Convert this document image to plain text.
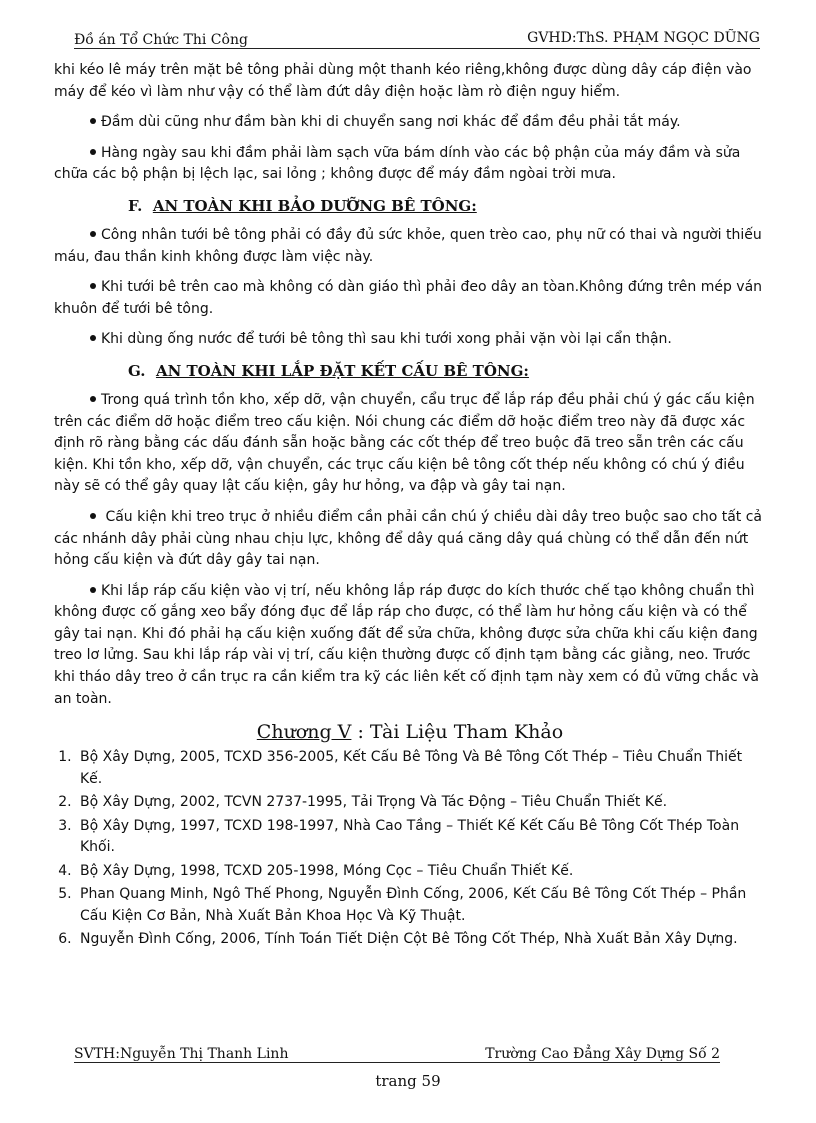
Đồ án Tổ Chức Thi Công	GVHD:ThS. PHẠM NGỌC DŨNG

khi kéo lê máy trên mặt bê tông phải dùng một thanh kéo riêng,không được dùng dây cáp điện vào máy để kéo vì làm như vậy có thể làm đứt dây điện hoặc làm rò điện nguy hiểm.

Đầm dùi cũng như đầm bàn khi di chuyển sang nơi khác để đầm đều phải tắt máy.

Hàng ngày sau khi đầm phải làm sạch vữa bám dính vào các bộ phận của máy đầm và sửa chữa các bộ phận bị lệch lạc, sai lỏng ; không được để máy đầm ngòai trời mưa.

F. AN TOÀN KHI BẢO DƯỠNG BÊ TÔNG:

Công nhân tưới bê tông phải có đầy đủ sức khỏe, quen trèo cao, phụ nữ có thai và người thiếu máu, đau thần kinh không được làm việc này.

Khi tưới bê trên cao mà không có dàn giáo thì phải đeo dây an tòan.Không đứng trên mép ván khuôn để tưới bê tông.

Khi dùng ống nước để tưới bê tông thì sau khi tưới xong phải vặn vòi lại cẩn thận.

G. AN TOÀN KHI LẮP ĐẶT KẾT CẤU BÊ TÔNG:

Trong quá trình tồn kho, xếp dỡ, vận chuyển, cẩu trục để lắp ráp đều phải chú ý gác cấu kiện trên các điểm dỡ hoặc điểm treo cấu kiện. Nói chung các điểm dỡ hoặc điểm treo này đã được xác định rõ ràng bằng các dấu đánh sẵn hoặc bằng các cốt thép để treo buộc đã treo sẵn trên các cấu kiện. Khi tồn kho, xếp dỡ, vận chuyển, các trục cấu kiện bê tông cốt thép nếu không có chú ý điều này sẽ có thể gây quay lật cấu kiện, gây hư hỏng, va đập và gây tai nạn.

Cấu kiện khi treo trục ở nhiều điểm cần phải cần chú ý chiều dài dây treo buộc sao cho tất cả các nhánh dây phải cùng nhau chịu lực, không để dây quá căng dây quá chùng có thể dẫn đến nứt hỏng cấu kiện và đứt dây gây tai nạn.

Khi lắp ráp cấu kiện vào vị trí, nếu không lắp ráp được do kích thước chế tạo không chuẩn thì không được cố gắng xeo bẩy đóng đục để lắp ráp cho được, có thể làm hư hỏng cấu kiện và có thể gây tai nạn. Khi đó phải hạ cấu kiện xuống đất để sửa chữa, không được sửa chữa khi cấu kiện đang treo lơ lửng. Sau khi lắp ráp vài vị trí, cấu kiện thường được cố định tạm bằng các giằng, neo. Trước khi tháo dây treo ở cần trục ra cần kiểm tra kỹ các liên kết cố định tạm này xem có đủ vững chắc và an toàn.

Chương V : Tài Liệu Tham Khảo
1. Bộ Xây Dựng, 2005, TCXD 356-2005, Kết Cấu Bê Tông Và Bê Tông Cốt Thép – Tiêu Chuẩn Thiết Kế.
2. Bộ Xây Dựng, 2002, TCVN 2737-1995, Tải Trọng Và Tác Động – Tiêu Chuẩn Thiết Kế.
3. Bộ Xây Dựng, 1997, TCXD 198-1997, Nhà Cao Tầng – Thiết Kế Kết Cấu Bê Tông Cốt Thép Toàn Khối.
4. Bộ Xây Dựng, 1998, TCXD 205-1998, Móng Cọc – Tiêu Chuẩn Thiết Kế.
5. Phan Quang Minh, Ngô Thế Phong, Nguyễn Đình Cống, 2006, Kết Cấu Bê Tông Cốt Thép – Phần Cấu Kiện Cơ Bản, Nhà Xuất Bản Khoa Học Và Kỹ Thuật.
6. Nguyễn Đình Cống, 2006, Tính Toán Tiết Diện Cột Bê Tông Cốt Thép, Nhà Xuất Bản Xây Dựng.
SVTH:Nguyễn Thị Thanh Linh	Trường Cao Đẳng Xây Dựng Số 2
trang 59
